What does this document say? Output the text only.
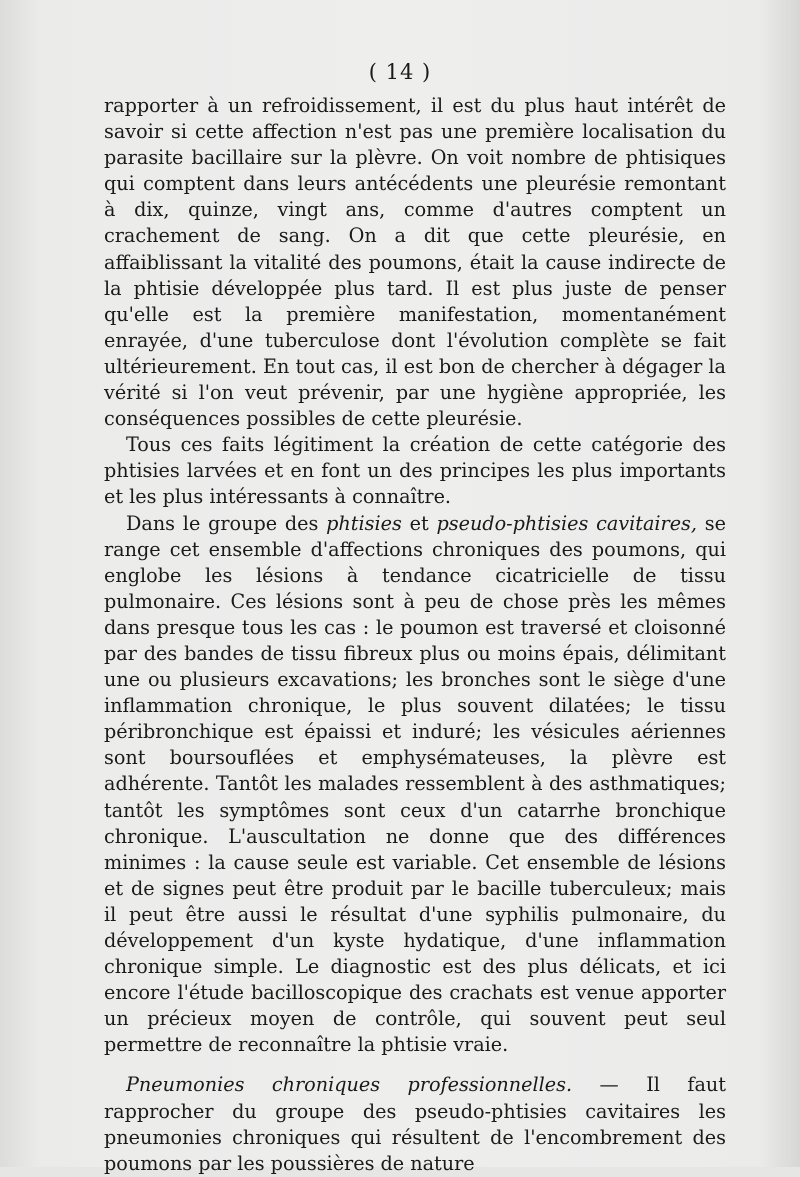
( 14 )

rapporter à un refroidissement, il est du plus haut intérêt de savoir si cette affection n'est pas une première localisation du parasite bacillaire sur la plèvre. On voit nombre de phtisiques qui comptent dans leurs antécédents une pleurésie remontant à dix, quinze, vingt ans, comme d'autres comptent un crachement de sang. On a dit que cette pleurésie, en affaiblissant la vitalité des poumons, était la cause indirecte de la phtisie développée plus tard. Il est plus juste de penser qu'elle est la première manifestation, momentanément enrayée, d'une tuberculose dont l'évolution complète se fait ultérieurement. En tout cas, il est bon de chercher à dégager la vérité si l'on veut prévenir, par une hygiène appropriée, les conséquences possibles de cette pleurésie.

Tous ces faits légitiment la création de cette catégorie des phtisies larvées et en font un des principes les plus importants et les plus intéressants à connaître.

Dans le groupe des phtisies et pseudo-phtisies cavitaires, se range cet ensemble d'affections chroniques des poumons, qui englobe les lésions à tendance cicatricielle de tissu pulmonaire. Ces lésions sont à peu de chose près les mêmes dans presque tous les cas : le poumon est traversé et cloisonné par des bandes de tissu fibreux plus ou moins épais, délimitant une ou plusieurs excavations; les bronches sont le siège d'une inflammation chronique, le plus souvent dilatées; le tissu péribronchique est épaissi et induré; les vésicules aériennes sont boursouflées et emphysémateuses, la plèvre est adhérente. Tantôt les malades ressemblent à des asthmatiques; tantôt les symptômes sont ceux d'un catarrhe bronchique chronique. L'auscultation ne donne que des différences minimes : la cause seule est variable. Cet ensemble de lésions et de signes peut être produit par le bacille tuberculeux; mais il peut être aussi le résultat d'une syphilis pulmonaire, du développement d'un kyste hydatique, d'une inflammation chronique simple. Le diagnostic est des plus délicats, et ici encore l'étude bacilloscopique des crachats est venue apporter un précieux moyen de contrôle, qui souvent peut seul permettre de reconnaître la phtisie vraie.

Pneumonies chroniques professionnelles. — Il faut rapprocher du groupe des pseudo-phtisies cavitaires les pneumonies chroniques qui résultent de l'encombrement des poumons par les poussières de nature
